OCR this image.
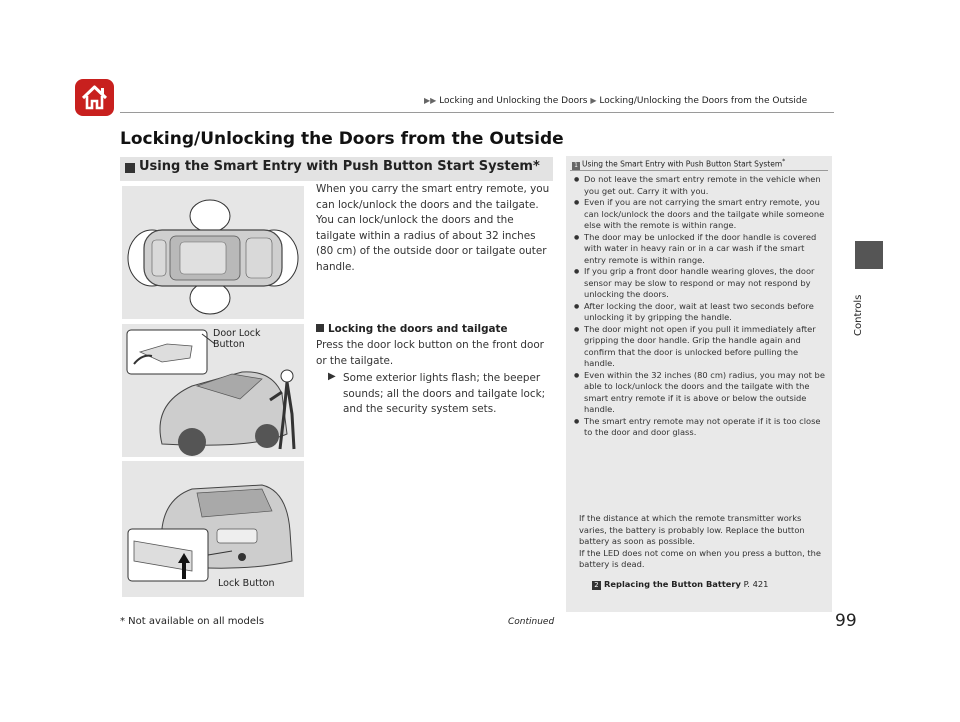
▶▶ Locking and Unlocking the Doors ▶ Locking/Unlocking the Doors from the Outside
Controls
Locking/Unlocking the Doors from the Outside
Using the Smart Entry with Push Button Start System*
Door Lock
Button
Lock Button
When you carry the smart entry remote, you can lock/unlock the doors and the tailgate. You can lock/unlock the doors and the tailgate within a radius of about 32 inches (80 cm) of the outside door or tailgate outer handle.
Locking the doors and tailgate
Press the door lock button on the front door or the tailgate.
▶ Some exterior lights flash; the beeper sounds; all the doors and tailgate lock; and the security system sets.
1 Using the Smart Entry with Push Button Start System*
● Do not leave the smart entry remote in the vehicle when you get out. Carry it with you.
● Even if you are not carrying the smart entry remote, you can lock/unlock the doors and the tailgate while someone else with the remote is within range.
● The door may be unlocked if the door handle is covered with water in heavy rain or in a car wash if the smart entry remote is within range.
● If you grip a front door handle wearing gloves, the door sensor may be slow to respond or may not respond by unlocking the doors.
● After locking the door, wait at least two seconds before unlocking it by gripping the handle.
● The door might not open if you pull it immediately after gripping the door handle. Grip the handle again and confirm that the door is unlocked before pulling the handle.
● Even within the 32 inches (80 cm) radius, you may not be able to lock/unlock the doors and the tailgate with the smart entry remote if it is above or below the outside handle.
● The smart entry remote may not operate if it is too close to the door and door glass.
If the distance at which the remote transmitter works varies, the battery is probably low. Replace the button battery as soon as possible.
If the LED does not come on when you press a button, the battery is dead.
2 Replacing the Button Battery P. 421
* Not available on all models	Continued	99
